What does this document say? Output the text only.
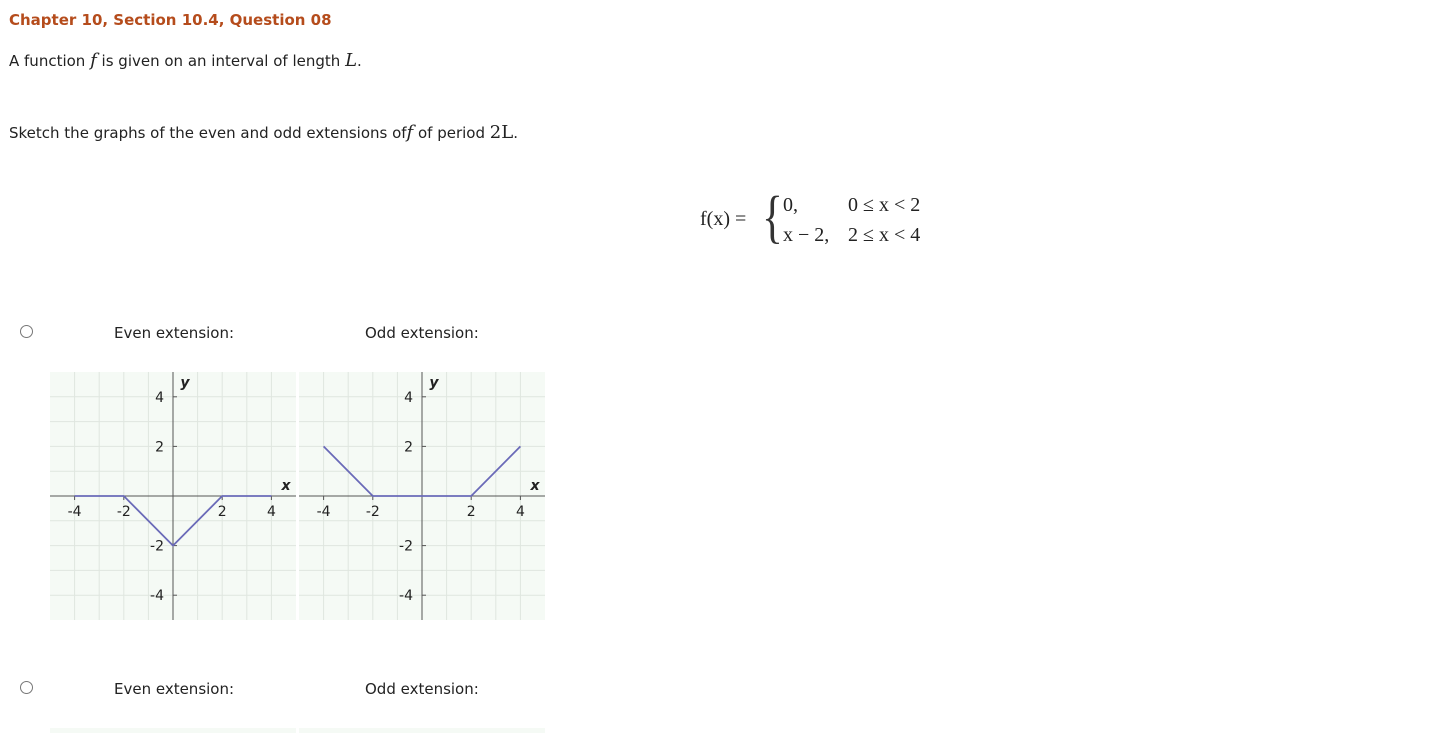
Chapter 10, Section 10.4, Question 08
A function f is given on an interval of length L.
Sketch the graphs of the even and odd extensions off of period 2L.
f(x) = { 0,	0 ≤ x < 2
x − 2, 2 ≤ x < 4
Even extension:	Odd extension:
-4	-2	2	4
4
2
-2
-4
x
y
-4	-2	2	4
4
2
-2
-4
x
y
Even extension:	Odd extension:
